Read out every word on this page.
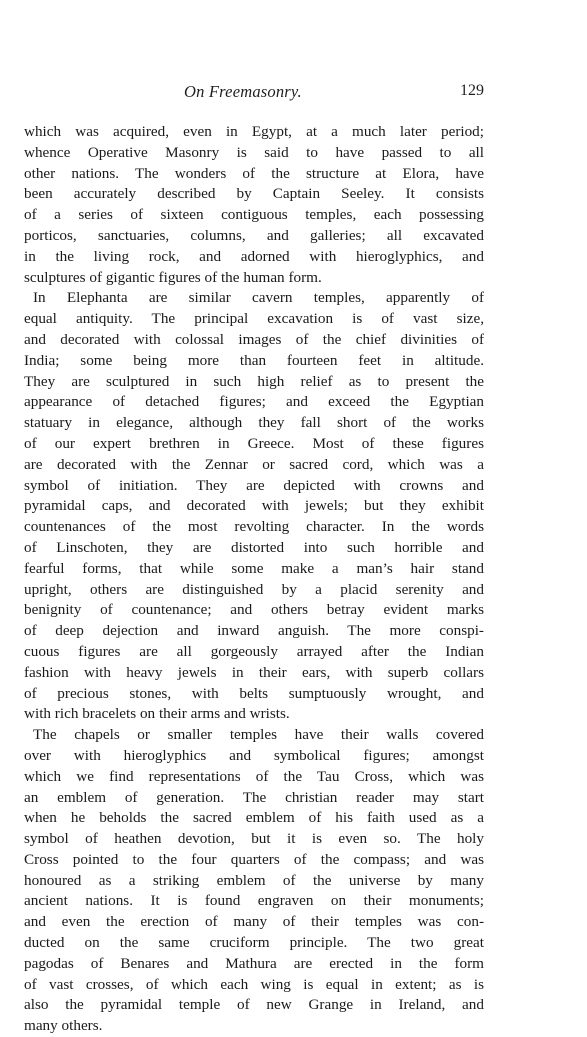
On Freemasonry.	129
which was acquired, even in Egypt, at a much later period;
whence Operative Masonry is said to have passed to all
other nations. The wonders of the structure at Elora, have
been accurately described by Captain Seeley. It consists
of a series of sixteen contiguous temples, each possessing
porticos, sanctuaries, columns, and galleries; all excavated
in the living rock, and adorned with hieroglyphics, and
sculptures of gigantic figures of the human form.
In Elephanta are similar cavern temples, apparently of
equal antiquity. The principal excavation is of vast size,
and decorated with colossal images of the chief divinities of
India; some being more than fourteen feet in altitude.
They are sculptured in such high relief as to present the
appearance of detached figures; and exceed the Egyptian
statuary in elegance, although they fall short of the works
of our expert brethren in Greece. Most of these figures
are decorated with the Zennar or sacred cord, which was a
symbol of initiation. They are depicted with crowns and
pyramidal caps, and decorated with jewels; but they exhibit
countenances of the most revolting character. In the words
of Linschoten, they are distorted into such horrible and
fearful forms, that while some make a man’s hair stand
upright, others are distinguished by a placid serenity and
benignity of countenance; and others betray evident marks
of deep dejection and inward anguish. The more conspi-
cuous figures are all gorgeously arrayed after the Indian
fashion with heavy jewels in their ears, with superb collars
of precious stones, with belts sumptuously wrought, and
with rich bracelets on their arms and wrists.
The chapels or smaller temples have their walls covered
over with hieroglyphics and symbolical figures; amongst
which we find representations of the Tau Cross, which was
an emblem of generation. The christian reader may start
when he beholds the sacred emblem of his faith used as a
symbol of heathen devotion, but it is even so. The holy
Cross pointed to the four quarters of the compass; and was
honoured as a striking emblem of the universe by many
ancient nations. It is found engraven on their monuments;
and even the erection of many of their temples was con-
ducted on the same cruciform principle. The two great
pagodas of Benares and Mathura are erected in the form
of vast crosses, of which each wing is equal in extent; as is
also the pyramidal temple of new Grange in Ireland, and
many others.
